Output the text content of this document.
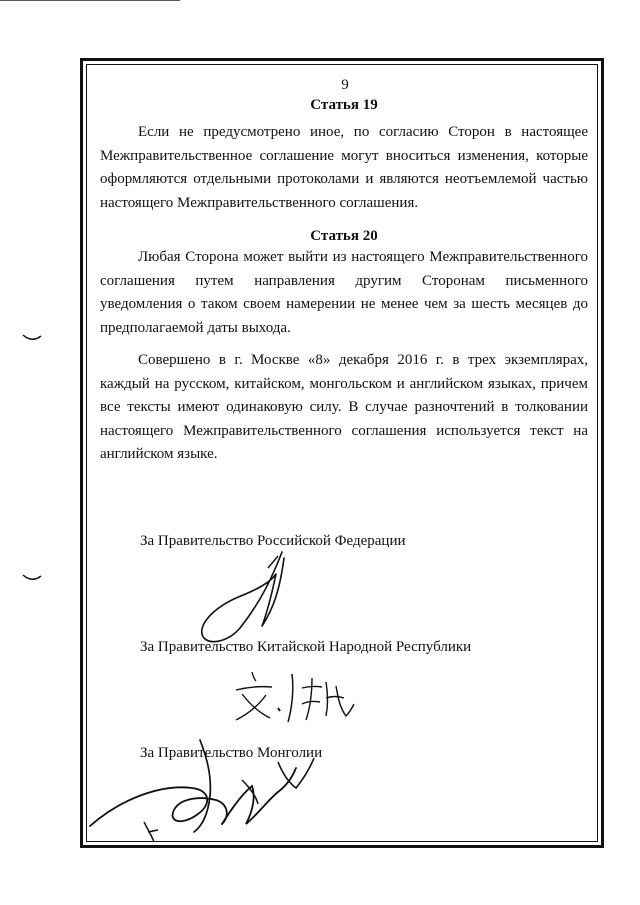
9
Статья 19
Если не предусмотрено иное, по согласию Сторон в настоящее Межправительственное соглашение могут вноситься изменения, которые оформляются отдельными протоколами и являются неотъемлемой частью настоящего Межправительственного соглашения.
Статья 20
Любая Сторона может выйти из настоящего Межправительственного соглашения путем направления другим Сторонам письменного уведомления о таком своем намерении не менее чем за шесть месяцев до предполагаемой даты выхода.
Совершено в г. Москве «8» декабря 2016 г. в трех экземплярах, каждый на русском, китайском, монгольском и английском языках, причем все тексты имеют одинаковую силу. В случае разночтений в толковании настоящего Межправительственного соглашения используется текст на английском языке.
За Правительство Российской Федерации
За Правительство Китайской Народной Республики
За Правительство Монголии
